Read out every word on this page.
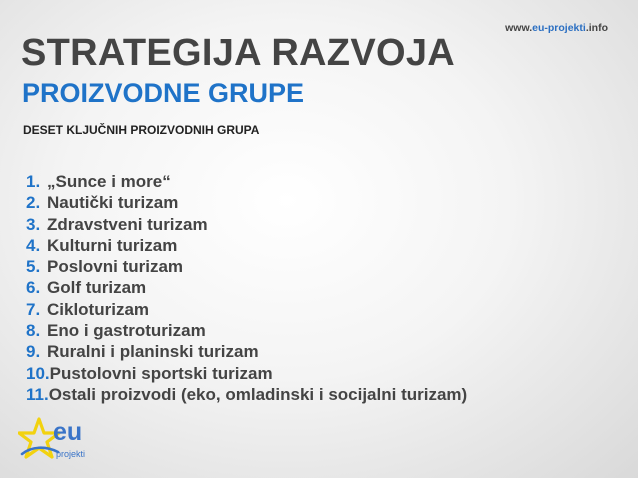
www.eu-projekti.info
STRATEGIJA RAZVOJA
PROIZVODNE GRUPE
DESET KLJUČNIH PROIZVODNIH GRUPA
1. „Sunce i more“
2. Nautički turizam
3. Zdravstveni turizam
4. Kulturni turizam
5. Poslovni turizam
6. Golf turizam
7. Cikloturizam
8. Eno i gastroturizam
9. Ruralni i planinski turizam
10.Pustolovni sportski turizam
11.Ostali proizvodi (eko, omladinski i socijalni turizam)
eu
projekti
